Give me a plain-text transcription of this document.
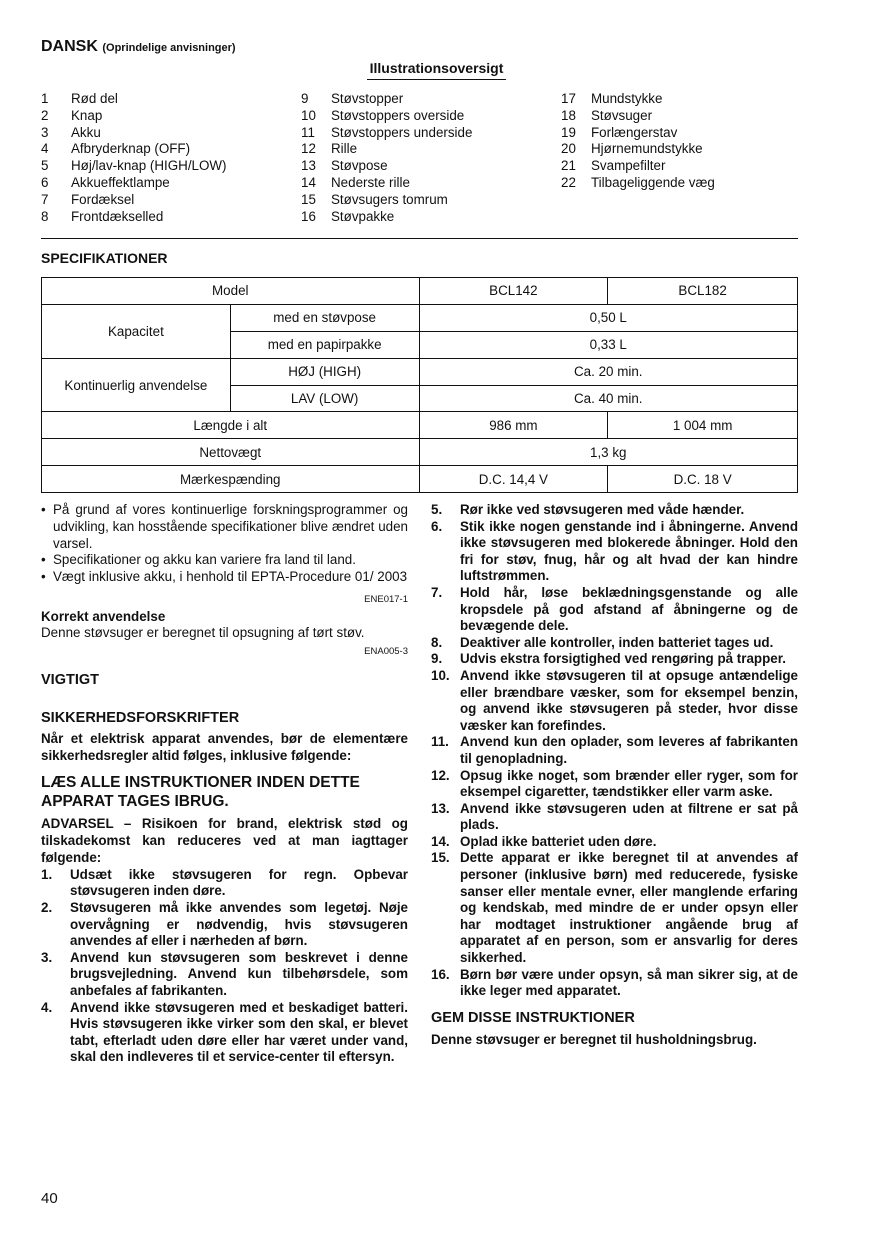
DANSK (Oprindelige anvisninger)
Illustrationsoversigt
1	Rød del
2	Knap
3	Akku
4	Afbryderknap (OFF)
5	Høj/lav-knap (HIGH/LOW)
6	Akkueffektlampe
7	Fordæksel
8	Frontdækselled
9	Støvstopper
10	Støvstoppers overside
11	Støvstoppers underside
12	Rille
13	Støvpose
14	Nederste rille
15	Støvsugers tomrum
16	Støvpakke
17	Mundstykke
18	Støvsuger
19	Forlængerstav
20	Hjørnemundstykke
21	Svampefilter
22	Tilbageliggende væg
SPECIFIKATIONER
Model		BCL142	BCL182
Kapacitet	med en støvpose	0,50 L	
	med en papirpakke	0,33 L	
Kontinuerlig anvendelse	HØJ (HIGH)	Ca. 20 min.	
	LAV (LOW)	Ca. 40 min.	
Længde i alt		986 mm	1 004 mm
Nettovægt		1,3 kg	
Mærkespænding		D.C. 14,4 V	D.C. 18 V
• På grund af vores kontinuerlige forskningsprogrammer og udvikling, kan hosstående specifikationer blive ændret uden varsel.
• Specifikationer og akku kan variere fra land til land.
• Vægt inklusive akku, i henhold til EPTA-Procedure 01/ 2003
ENE017-1
Korrekt anvendelse
Denne støvsuger er beregnet til opsugning af tørt støv.
ENA005-3
VIGTIGT
SIKKERHEDSFORSKRIFTER
Når et elektrisk apparat anvendes, bør de elementære sikkerhedsregler altid følges, inklusive følgende:
LÆS ALLE INSTRUKTIONER INDEN DETTE APPARAT TAGES IBRUG.
ADVARSEL – Risikoen for brand, elektrisk stød og tilskadekomst kan reduceres ved at man iagttager følgende:
1.	Udsæt ikke støvsugeren for regn. Opbevar støvsugeren inden døre.
2.	Støvsugeren må ikke anvendes som legetøj. Nøje overvågning er nødvendig, hvis støvsugeren anvendes af eller i nærheden af børn.
3.	Anvend kun støvsugeren som beskrevet i denne brugsvejledning. Anvend kun tilbehørsdele, som anbefales af fabrikanten.
4.	Anvend ikke støvsugeren med et beskadiget batteri. Hvis støvsugeren ikke virker som den skal, er blevet tabt, efterladt uden døre eller har været under vand, skal den indleveres til et service-center til eftersyn.
5.	Rør ikke ved støvsugeren med våde hænder.
6.	Stik ikke nogen genstande ind i åbningerne. Anvend ikke støvsugeren med blokerede åbninger. Hold den fri for støv, fnug, hår og alt hvad der kan hindre luftstrømmen.
7.	Hold hår, løse beklædningsgenstande og alle kropsdele på god afstand af åbningerne og de bevægende dele.
8.	Deaktiver alle kontroller, inden batteriet tages ud.
9.	Udvis ekstra forsigtighed ved rengøring på trapper.
10. Anvend ikke støvsugeren til at opsuge antændelige eller brændbare væsker, som for eksempel benzin, og anvend ikke støvsugeren på steder, hvor disse væsker kan forefindes.
11. Anvend kun den oplader, som leveres af fabrikanten til genopladning.
12. Opsug ikke noget, som brænder eller ryger, som for eksempel cigaretter, tændstikker eller varm aske.
13. Anvend ikke støvsugeren uden at filtrene er sat på plads.
14. Oplad ikke batteriet uden døre.
15. Dette apparat er ikke beregnet til at anvendes af personer (inklusive børn) med reducerede, fysiske sanser eller mentale evner, eller manglende erfaring og kendskab, med mindre de er under opsyn eller har modtaget instruktioner angående brug af apparatet af en person, som er ansvarlig for deres sikkerhed.
16. Børn bør være under opsyn, så man sikrer sig, at de ikke leger med apparatet.
GEM DISSE INSTRUKTIONER
Denne støvsuger er beregnet til husholdningsbrug.
40
